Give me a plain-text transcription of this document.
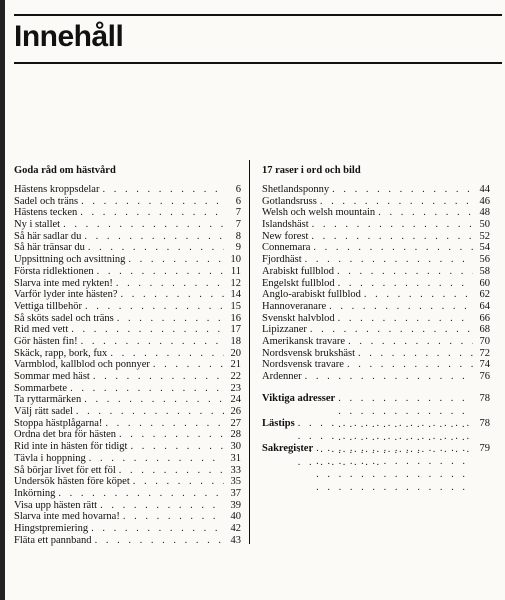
Innehåll
Goda råd om hästvård
Hästens kroppsdelar . . .	6
Sadel och träns . . .	6
Hästens tecken . . .	7
Ny i stallet . . .	7
Så här sadlar du . . .	8
Så här tränsar du . . .	9
Uppsittning och avsittning . . .	10
Första ridlektionen . . .	11
Slarva inte med rykten! . . .	12
Varför lyder inte hästen? . . .	14
Vettiga tillbehör . . .	15
Så sköts sadel och träns . . .	16
Rid med vett . . .	17
Gör hästen fin! . . .	18
Skäck, rapp, bork, fux . . .	20
Varmblod, kallblod och ponnyer . . .	21
Sommar med häst . . .	22
Sommarbete . . .	23
Ta ryttarmärken . . .	24
Välj rätt sadel . . .	26
Stoppa hästplågarna! . . .	27
Ordna det bra för hästen . . .	28
Rid inte in hästen för tidigt . . .	30
Tävla i hoppning . . .	31
Så börjar livet för ett föl . . .	33
Undersök hästen före köpet . . .	35
Inkörning . . .	37
Visa upp hästen rätt . . .	39
Slarva inte med hovarna! . . .	40
Hingstpremiering . . .	42
Fläta ett pannband . . .	43
17 raser i ord och bild
Shetlandsponny . . .	44
Gotlandsruss . . .	46
Welsh och welsh mountain . . .	48
Islandshäst . . .	50
New forest . . .	52
Connemara . . .	54
Fjordhäst . . .	56
Arabiskt fullblod . . .	58
Engelskt fullblod . . .	60
Anglo-arabiskt fullblod . . .	62
Hannoveranare . . .	64
Svenskt halvblod . . .	66
Lipizzaner . . .	68
Amerikansk travare . . .	70
Nordsvensk brukshäst . . .	72
Nordsvensk travare . . .	74
Ardenner . . .	76
Viktiga adresser . . .	78
Lästips . . .	78
Sakregister . . .	79
